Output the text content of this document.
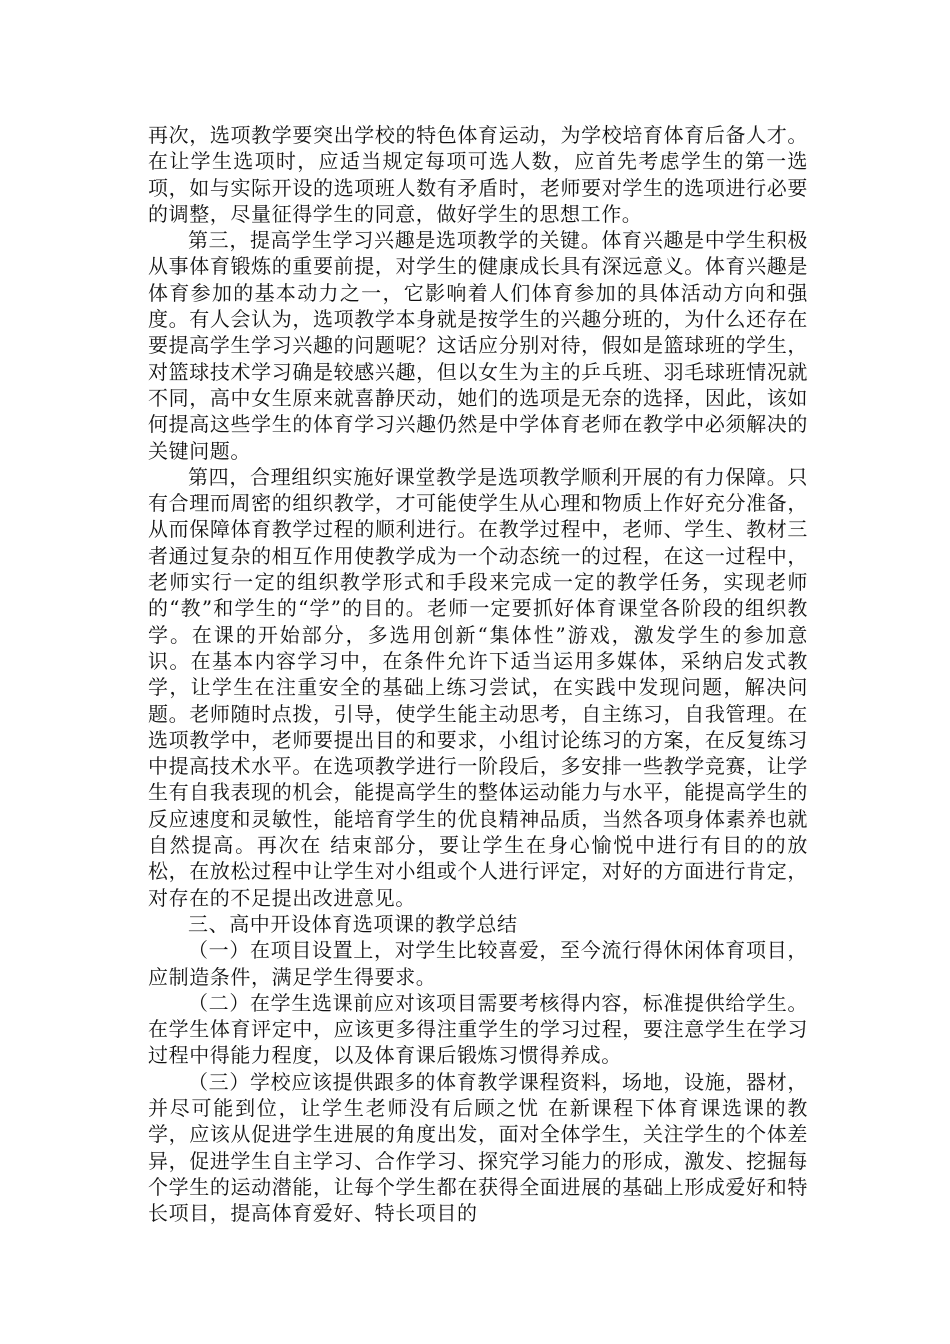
再次，选项教学要突出学校的特色体育运动，为学校培育体育后备人才。在让学生选项时，应适当规定每项可选人数，应首先考虑学生的第一选项，如与实际开设的选项班人数有矛盾时，老师要对学生的选项进行必要的调整，尽量征得学生的同意，做好学生的思想工作。

第三，提高学生学习兴趣是选项教学的关键。体育兴趣是中学生积极从事体育锻炼的重要前提，对学生的健康成长具有深远意义。体育兴趣是体育参加的基本动力之一，它影响着人们体育参加的具体活动方向和强度。有人会认为，选项教学本身就是按学生的兴趣分班的，为什么还存在要提高学生学习兴趣的问题呢？这话应分别对待，假如是篮球班的学生，对篮球技术学习确是较感兴趣，但以女生为主的乒乓班、羽毛球班情况就不同，高中女生原来就喜静厌动，她们的选项是无奈的选择，因此，该如何提高这些学生的体育学习兴趣仍然是中学体育老师在教学中必须解决的关键问题。

第四，合理组织实施好课堂教学是选项教学顺利开展的有力保障。只有合理而周密的组织教学，才可能使学生从心理和物质上作好充分准备，从而保障体育教学过程的顺利进行。在教学过程中，老师、学生、教材三者通过复杂的相互作用使教学成为一个动态统一的过程，在这一过程中，老师实行一定的组织教学形式和手段来完成一定的教学任务，实现老师的“教”和学生的“学”的目的。老师一定要抓好体育课堂各阶段的组织教学。在课的开始部分，多选用创新“集体性”游戏，激发学生的参加意识。在基本内容学习中，在条件允许下适当运用多媒体，采纳启发式教学，让学生在注重安全的基础上练习尝试，在实践中发现问题，解决问题。老师随时点拨，引导，使学生能主动思考，自主练习，自我管理。在选项教学中，老师要提出目的和要求，小组讨论练习的方案，在反复练习中提高技术水平。在选项教学进行一阶段后，多安排一些教学竞赛，让学生有自我表现的机会，能提高学生的整体运动能力与水平，能提高学生的反应速度和灵敏性，能培育学生的优良精神品质，当然各项身体素养也就自然提高。再次在 结束部分，要让学生在身心愉悦中进行有目的的放松，在放松过程中让学生对小组或个人进行评定，对好的方面进行肯定，对存在的不足提出改进意见。

三、高中开设体育选项课的教学总结

（一）在项目设置上，对学生比较喜爱，至今流行得休闲体育项目，应制造条件，满足学生得要求。

（二）在学生选课前应对该项目需要考核得内容，标准提供给学生。在学生体育评定中，应该更多得注重学生的学习过程，要注意学生在学习过程中得能力程度，以及体育课后锻炼习惯得养成。

（三）学校应该提供跟多的体育教学课程资料，场地，设施，器材，并尽可能到位，让学生老师没有后顾之忧 在新课程下体育课选课的教学，应该从促进学生进展的角度出发，面对全体学生，关注学生的个体差异，促进学生自主学习、合作学习、探究学习能力的形成，激发、挖掘每个学生的运动潜能，让每个学生都在获得全面进展的基础上形成爱好和特长项目，提高体育爱好、特长项目的
